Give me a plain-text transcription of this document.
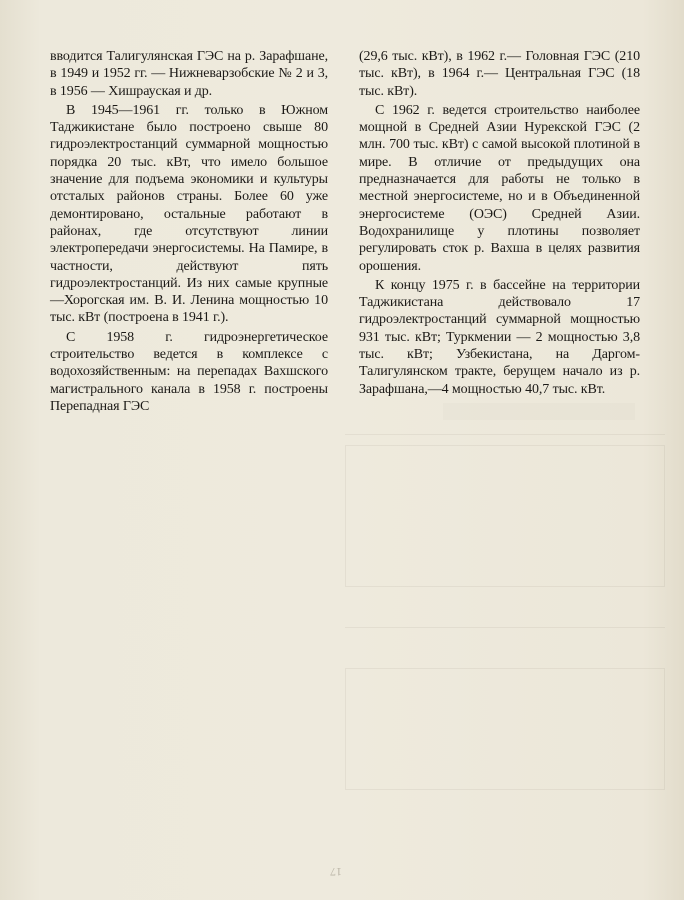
вводится Талигулянская ГЭС на р. Зарафшане, в 1949 и 1952 гг. — Нижневарзобские № 2 и 3, в 1956 — Хишрауская и др.

В 1945—1961 гг. только в Южном Таджикистане было построено свыше 80 гидроэлектростанций суммарной мощностью порядка 20 тыс. кВт, что имело большое значение для подъема экономики и культуры отсталых районов страны. Более 60 уже демонтировано, остальные работают в районах, где отсутствуют линии электропередачи энергосистемы. На Памире, в частности, действуют пять гидроэлектростанций. Из них самые крупные—Хорогская им. В. И. Ленина мощностью 10 тыс. кВт (построена в 1941 г.).

С 1958 г. гидроэнергетическое строительство ведется в комплексе с водохозяйственным: на перепадах Вахшского магистрального канала в 1958 г. построены Перепадная ГЭС

(29,6 тыс. кВт), в 1962 г.— Головная ГЭС (210 тыс. кВт), в 1964 г.— Центральная ГЭС (18 тыс. кВт).

С 1962 г. ведется строительство наиболее мощной в Средней Азии Нурекской ГЭС (2 млн. 700 тыс. кВт) с самой высокой плотиной в мире. В отличие от предыдущих она предназначается для работы не только в местной энергосистеме, но и в Объединенной энергосистеме (ОЭС) Средней Азии. Водохранилище у плотины позволяет регулировать сток р. Вахша в целях развития орошения.

К концу 1975 г. в бассейне на территории Таджикистана действовало 17 гидроэлектростанций суммарной мощностью 931 тыс. кВт; Туркмении — 2 мощностью 3,8 тыс. кВт; Узбекистана, на Даргом-Талигулянском тракте, берущем начало из р. Зарафшана,—4 мощностью 40,7 тыс. кВт.

17
